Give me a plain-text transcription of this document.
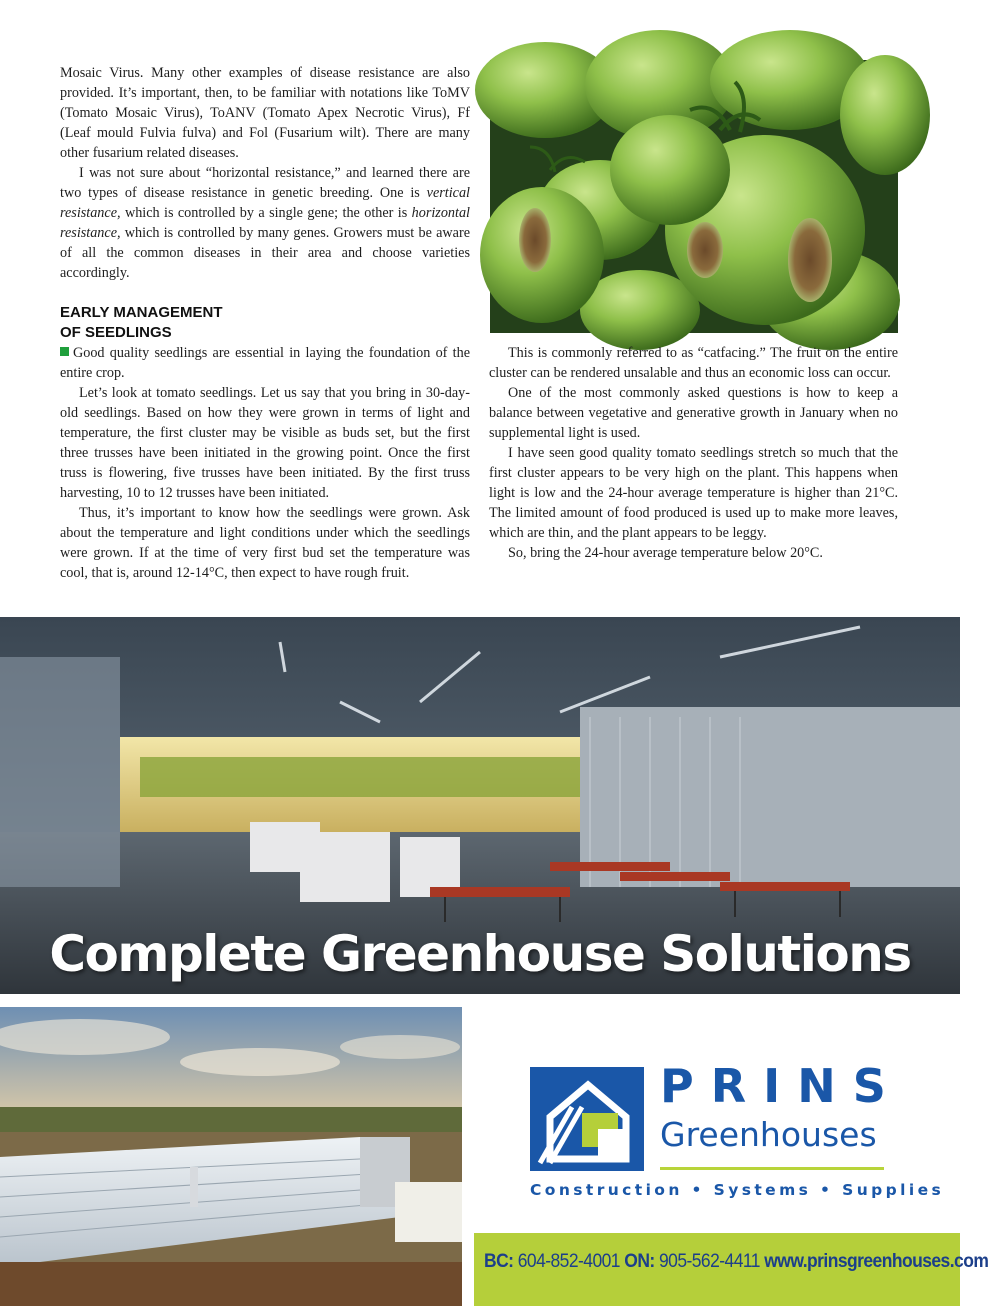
Mosaic Virus. Many other examples of disease resistance are also provided. It’s important, then, to be familiar with notations like ToMV (Tomato Mosaic Virus), ToANV (Tomato Apex Necrotic Virus), Ff (Leaf mould Fulvia fulva) and Fol (Fusarium wilt). There are many other fusarium related diseases.

I was not sure about “horizontal resistance,” and learned there are two types of disease resistance in genetic breeding. One is vertical resistance, which is controlled by a single gene; the other is horizontal resistance, which is controlled by many genes. Growers must be aware of all the common diseases in their area and choose varieties accordingly.

EARLY MANAGEMENT
OF SEEDLINGS

Good quality seedlings are essential in laying the foundation of the entire crop.

Let’s look at tomato seedlings. Let us say that you bring in 30-day-old seedlings. Based on how they were grown in terms of light and temperature, the first cluster may be visible as buds set, but the first three trusses have been initiated in the growing point. Once the first truss is flowering, five trusses have been initiated. By the first truss harvesting, 10 to 12 trusses have been initiated.

Thus, it’s important to know how the seedlings were grown. Ask about the temperature and light conditions under which the seedlings were grown. If at the time of very first bud set the temperature was cool, that is, around 12-14°C, then expect to have rough fruit.

This is commonly referred to as “catfacing.” The fruit on the entire cluster can be rendered unsalable and thus an economic loss can occur.

One of the most commonly asked questions is how to keep a balance between vegetative and generative growth in January when no supplemental light is used.

I have seen good quality tomato seedlings stretch so much that the first cluster appears to be very high on the plant. This happens when light is low and the 24-hour average temperature is higher than 21°C. The limited amount of food produced is used up to make more leaves, which are thin, and the plant appears to be leggy.

So, bring the 24-hour average temperature below 20°C.

Complete Greenhouse Solutions
PRINS
Greenhouses
Construction • Systems • Supplies
BC: 604-852-4001 ON: 905-562-4411 www.prinsgreenhouses.com
